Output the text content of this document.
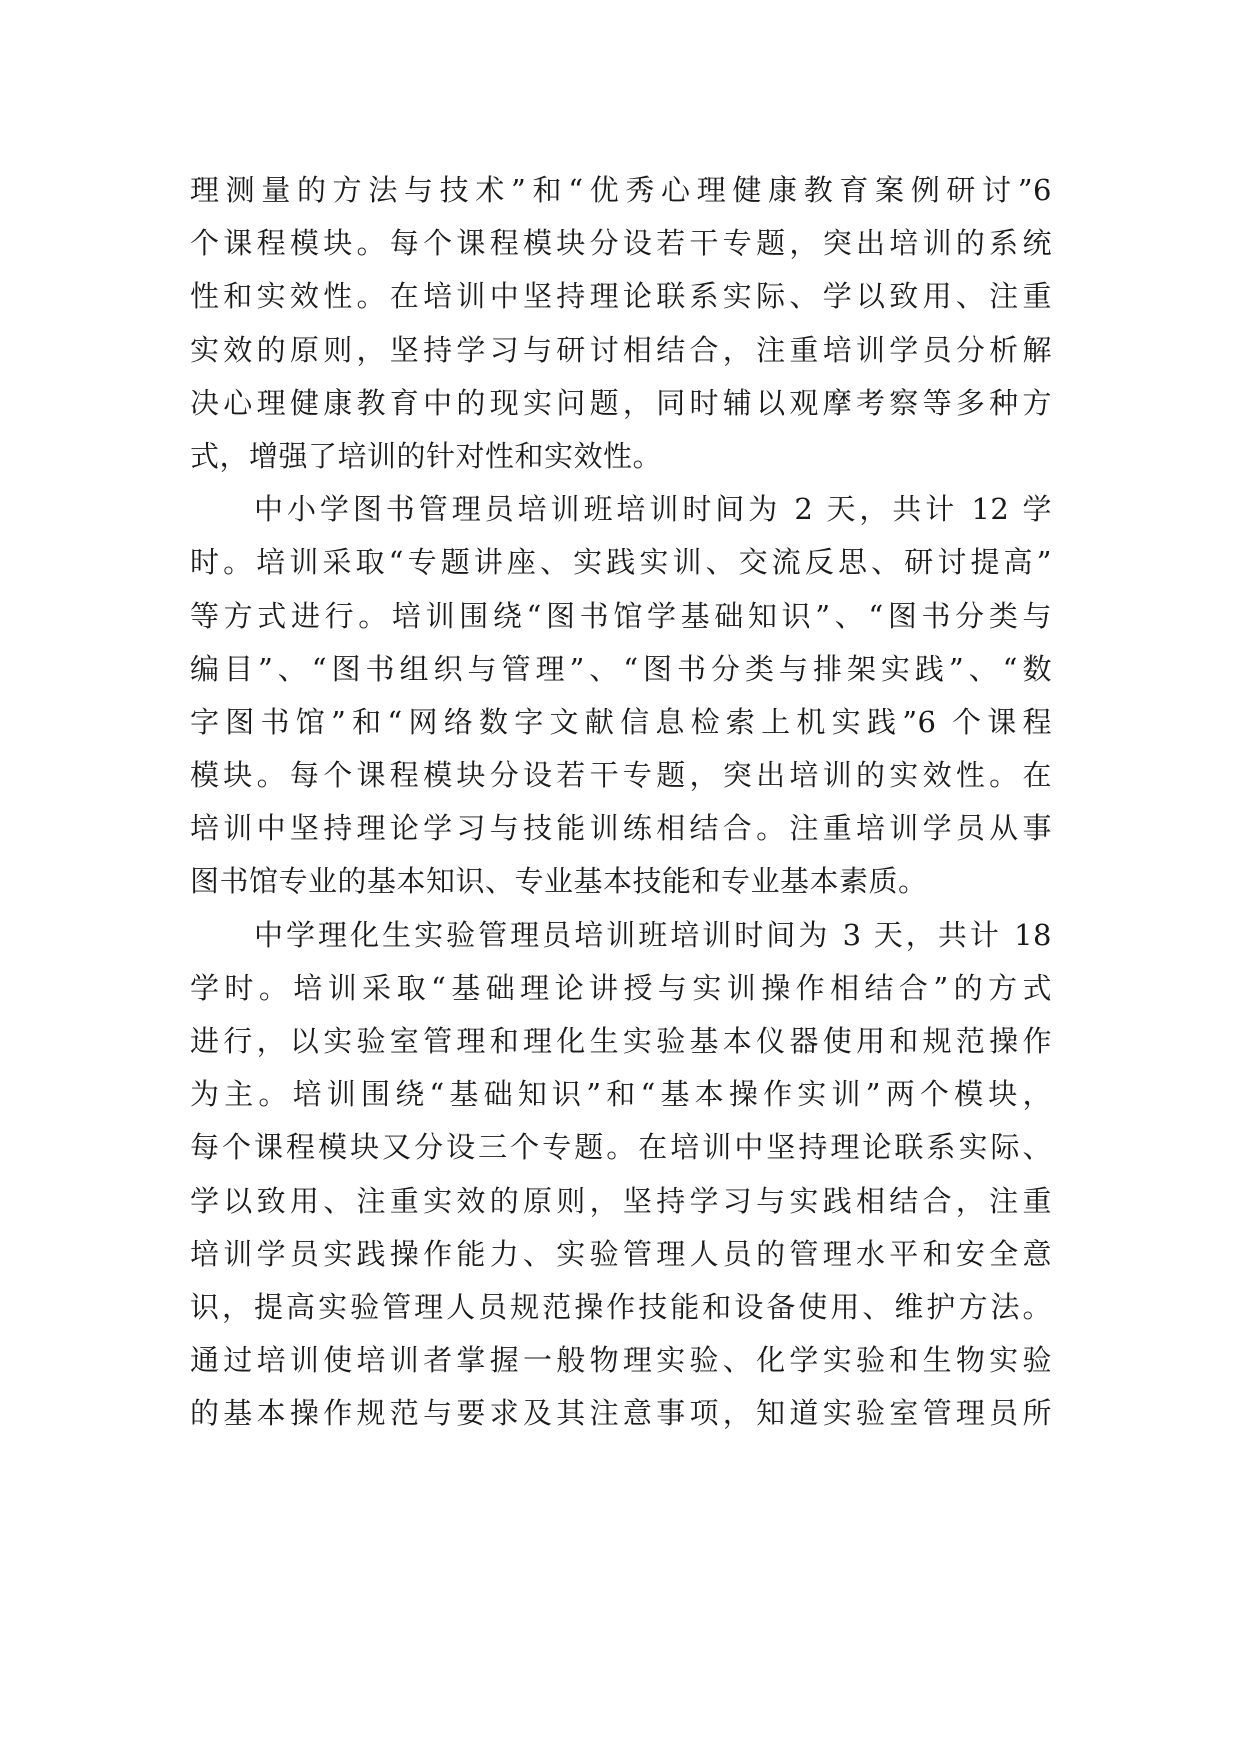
理测量的方法与技术”和“优秀心理健康教育案例研讨”6
个课程模块。每个课程模块分设若干专题，突出培训的系统
性和实效性。在培训中坚持理论联系实际、学以致用、注重
实效的原则，坚持学习与研讨相结合，注重培训学员分析解
决心理健康教育中的现实问题，同时辅以观摩考察等多种方
式，增强了培训的针对性和实效性。
中小学图书管理员培训班培训时间为 2 天，共计 12 学
时。培训采取“专题讲座、实践实训、交流反思、研讨提高”
等方式进行。培训围绕“图书馆学基础知识”、“图书分类与
编目”、“图书组织与管理”、“图书分类与排架实践”、“数
字图书馆”和“网络数字文献信息检索上机实践”6 个课程
模块。每个课程模块分设若干专题，突出培训的实效性。在
培训中坚持理论学习与技能训练相结合。注重培训学员从事
图书馆专业的基本知识、专业基本技能和专业基本素质。
中学理化生实验管理员培训班培训时间为 3 天，共计 18
学时。培训采取“基础理论讲授与实训操作相结合”的方式
进行，以实验室管理和理化生实验基本仪器使用和规范操作
为主。培训围绕“基础知识”和“基本操作实训”两个模块，
每个课程模块又分设三个专题。在培训中坚持理论联系实际、
学以致用、注重实效的原则，坚持学习与实践相结合，注重
培训学员实践操作能力、实验管理人员的管理水平和安全意
识，提高实验管理人员规范操作技能和设备使用、维护方法。
通过培训使培训者掌握一般物理实验、化学实验和生物实验
的基本操作规范与要求及其注意事项，知道实验室管理员所
